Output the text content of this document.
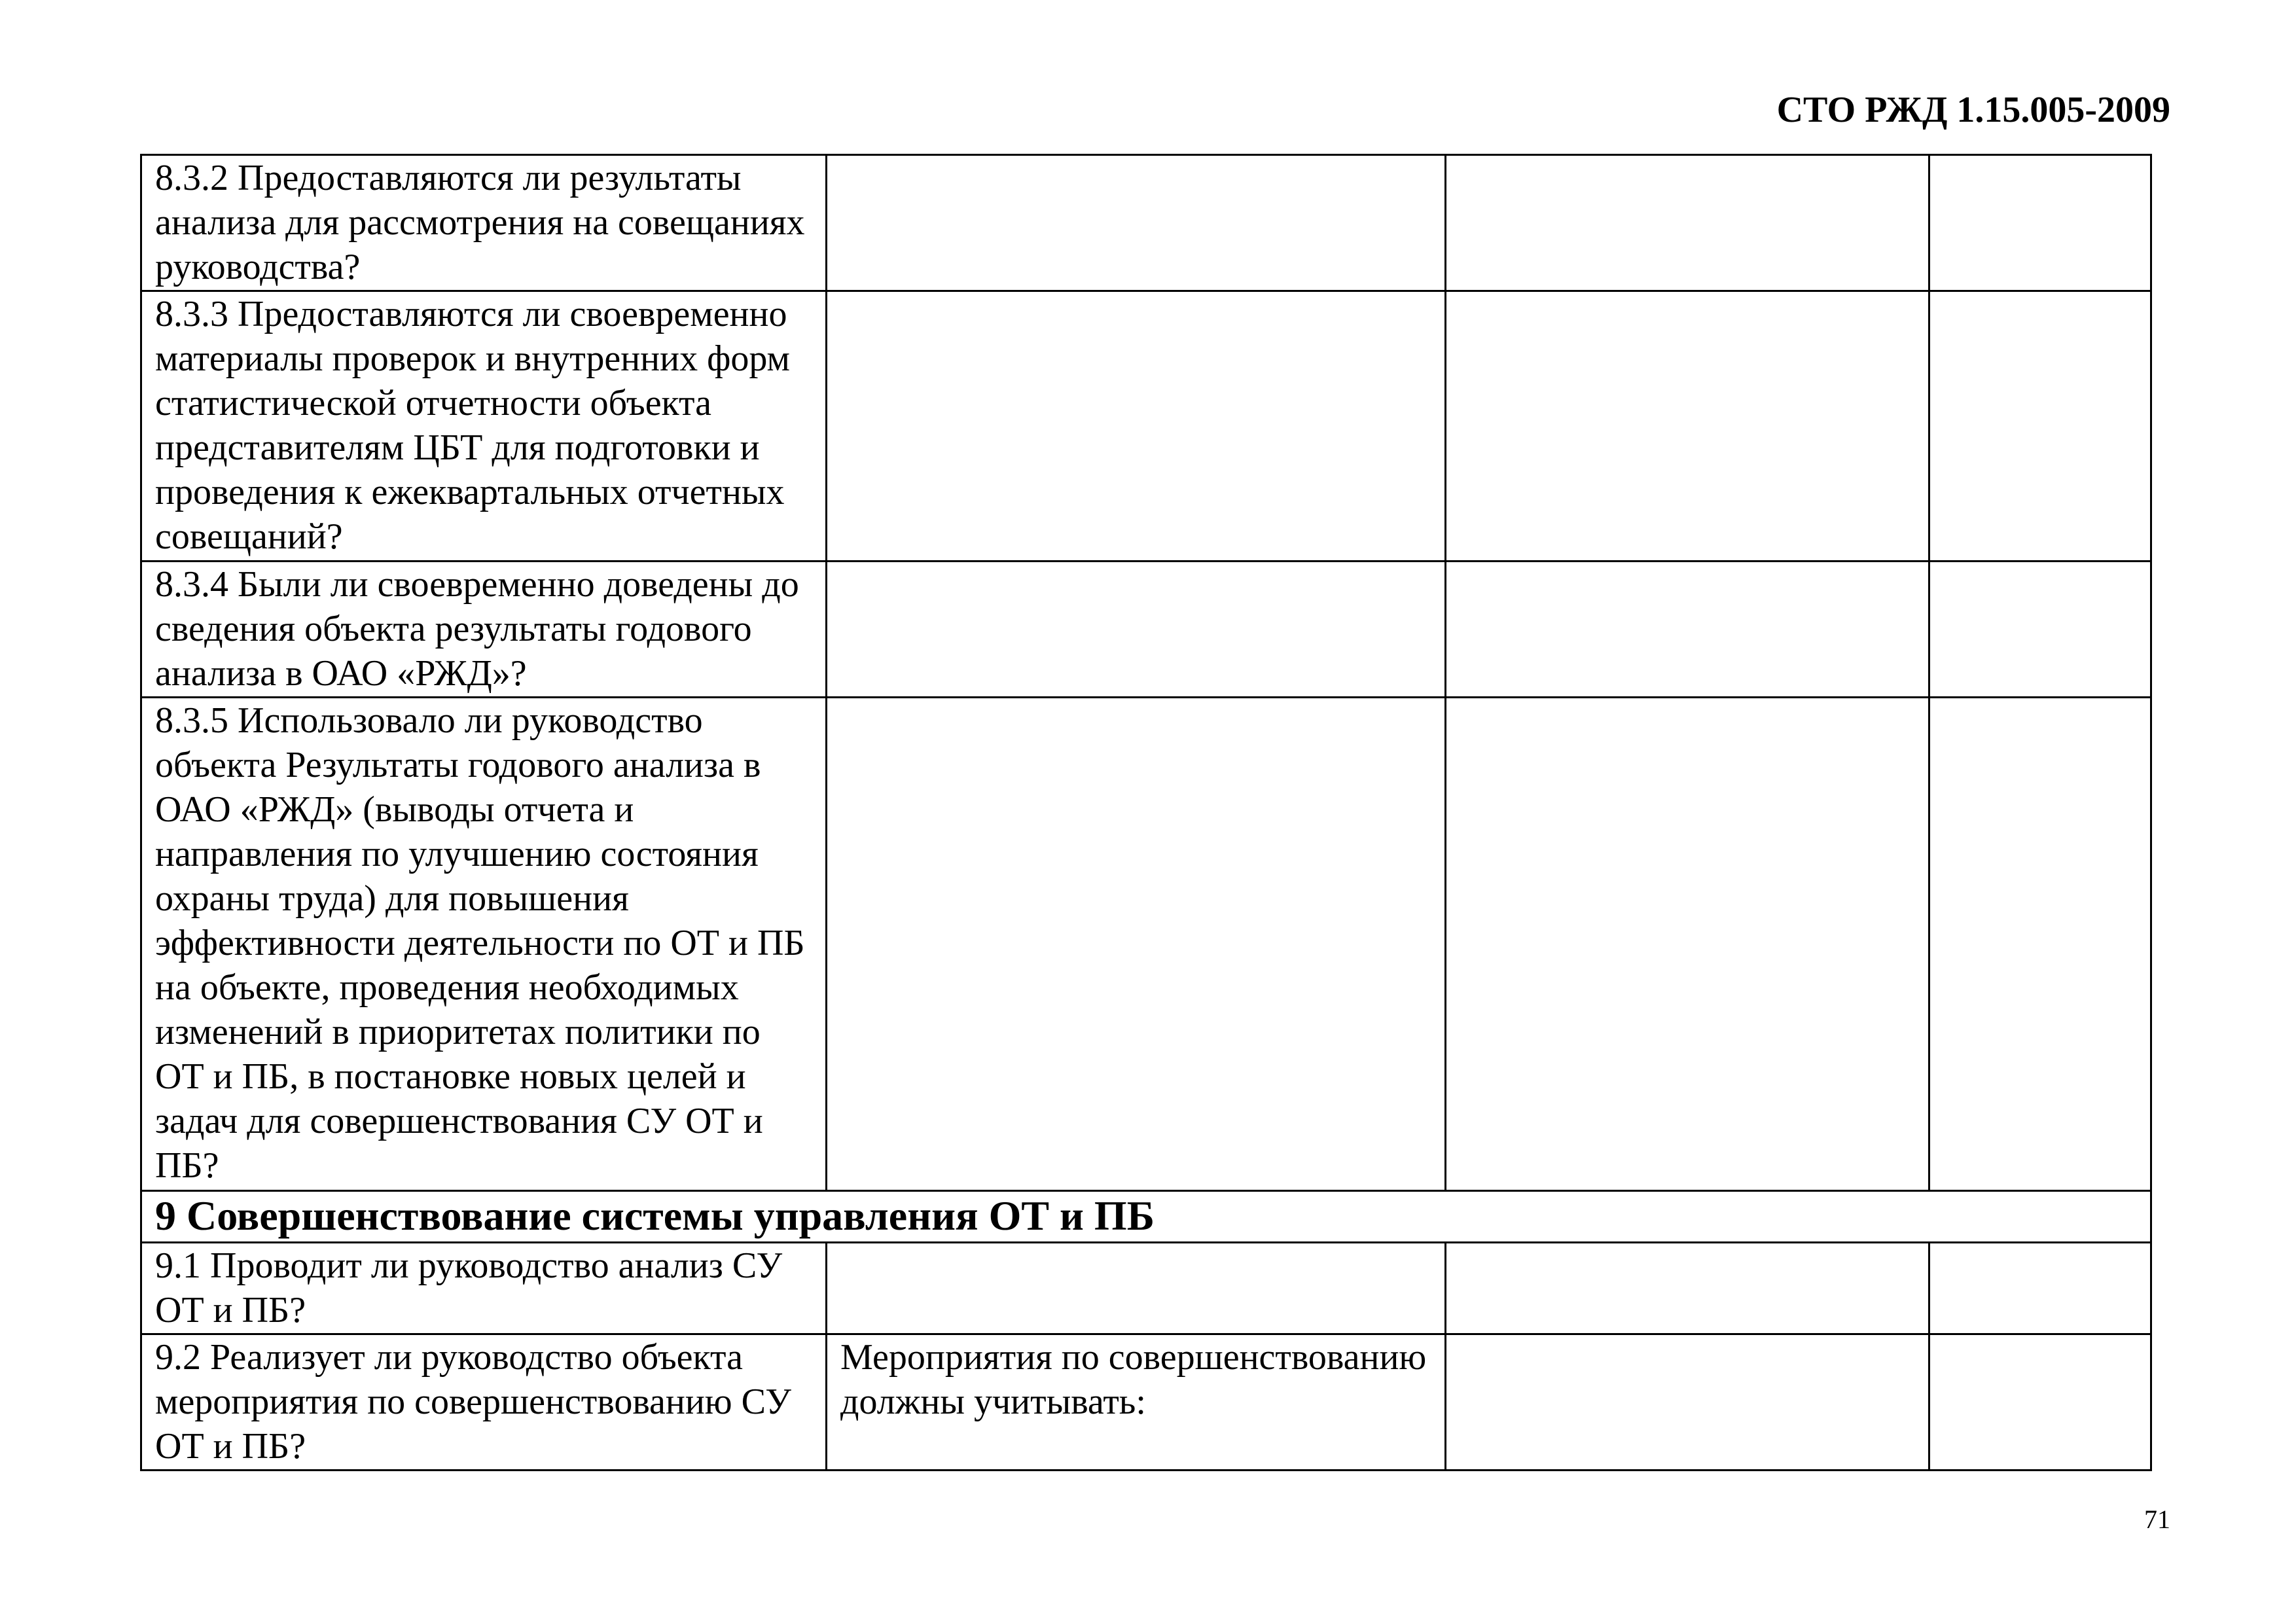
СТО РЖД 1.15.005-2009
8.3.2 Предоставляются ли результаты анализа для рассмотрения на совещаниях руководства?			
8.3.3 Предоставляются ли своевременно материалы проверок и внутренних форм статистической отчетности объекта представителям ЦБТ для подготовки и проведения к ежеквартальных отчетных совещаний?			
8.3.4 Были ли своевременно доведены до сведения объекта результаты годового анализа в ОАО «РЖД»?			
8.3.5 Использовало ли руководство объекта Результаты годового анализа в ОАО «РЖД» (выводы отчета и направления по улучшению состояния охраны труда) для повышения эффективности деятельности по ОТ и ПБ на объекте, проведения необходимых изменений в приоритетах политики по ОТ и ПБ, в постановке новых целей и задач для совершенствования СУ ОТ и ПБ?			
9 Совершенствование системы управления ОТ и ПБ			
9.1 Проводит ли руководство анализ СУ ОТ и ПБ?			
9.2 Реализует ли руководство объекта мероприятия по совершенствованию СУ ОТ и ПБ?	Мероприятия по совершенствованию должны учитывать:		
71
